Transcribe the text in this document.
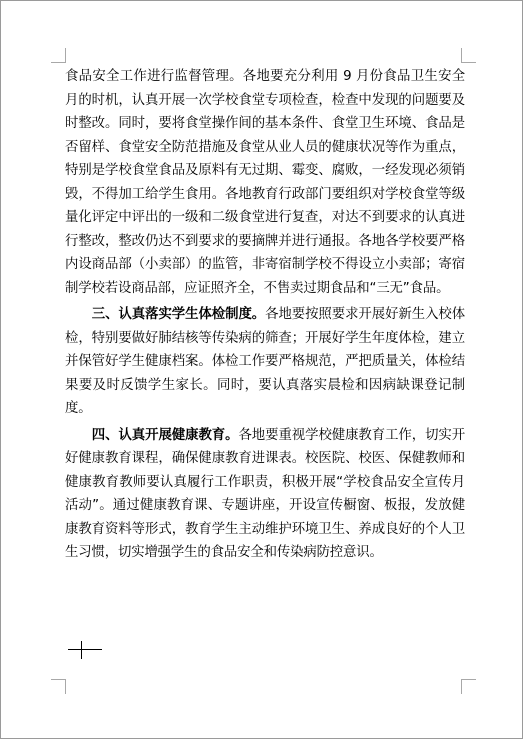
食品安全工作进行监督管理。各地要充分利用 9 月份食品卫生安全月的时机，认真开展一次学校食堂专项检查，检查中发现的问题要及时整改。同时，要将食堂操作间的基本条件、食堂卫生环境、食品是否留样、食堂安全防范措施及食堂从业人员的健康状况等作为重点，特别是学校食堂食品及原料有无过期、霉变、腐败，一经发现必须销毁，不得加工给学生食用。各地教育行政部门要组织对学校食堂等级量化评定中评出的一级和二级食堂进行复查，对达不到要求的认真进行整改，整改仍达不到要求的要摘牌并进行通报。各地各学校要严格内设商品部（小卖部）的监管，非寄宿制学校不得设立小卖部；寄宿制学校若设商品部，应证照齐全，不售卖过期食品和“三无”食品。

三、认真落实学生体检制度。各地要按照要求开展好新生入校体检，特别要做好肺结核等传染病的筛查；开展好学生年度体检，建立并保管好学生健康档案。体检工作要严格规范，严把质量关，体检结果要及时反馈学生家长。同时，要认真落实晨检和因病缺课登记制度。

四、认真开展健康教育。各地要重视学校健康教育工作，切实开好健康教育课程，确保健康教育进课表。校医院、校医、保健教师和健康教育教师要认真履行工作职责，积极开展“学校食品安全宣传月活动”。通过健康教育课、专题讲座，开设宣传橱窗、板报，发放健康教育资料等形式，教育学生主动维护环境卫生、养成良好的个人卫生习惯，切实增强学生的食品安全和传染病防控意识。
